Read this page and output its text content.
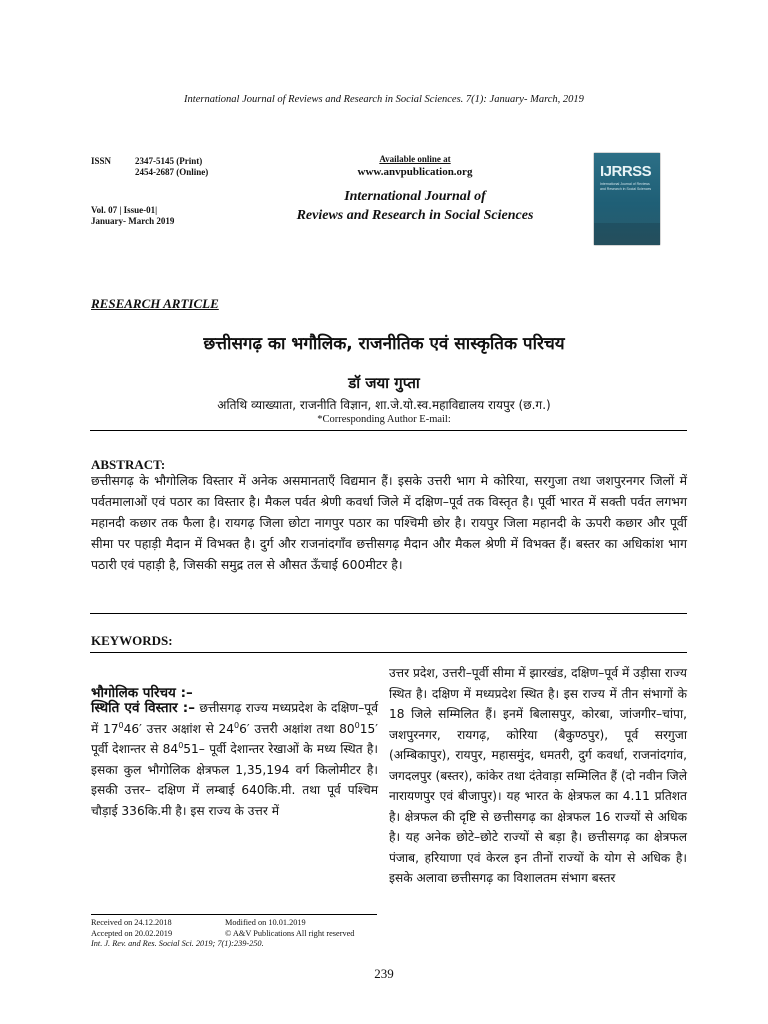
International Journal of Reviews and Research in Social Sciences. 7(1): January- March, 2019
ISSN	2347-5145 (Print)
2454-2687 (Online)
Vol. 07 | Issue-01|
January- March 2019
Available online at
www.anvpublication.org
International Journal of
Reviews and Research in Social Sciences
IJRRSS
International Journal of Reviews and Research in Social Sciences
RESEARCH ARTICLE
छत्तीसगढ़ का भगौलिक, राजनीतिक एवं सास्कृतिक परिचय
डॉ जया गुप्ता
अतिथि व्याख्याता, राजनीति विज्ञान, शा.जे.यो.स्व.महाविद्यालय रायपुर (छ.ग.)
*Corresponding Author E-mail:
ABSTRACT:
छत्तीसगढ़ के भौगोलिक विस्तार में अनेक असमानताएँ विद्यमान हैं। इसके उत्तरी भाग मे कोरिया, सरगुजा तथा जशपुरनगर जिलों में पर्वतमालाओं एवं पठार का विस्तार है। मैकल पर्वत श्रेणी कवर्धा जिले में दक्षिण–पूर्व तक विस्तृत है। पूर्वी भारत में सक्ती पर्वत लगभग महानदी कछार तक फैला है। रायगढ़ जिला छोटा नागपुर पठार का पश्चिमी छोर है। रायपुर जिला महानदी के ऊपरी कछार और पूर्वी सीमा पर पहाड़ी मैदान में विभक्त है। दुर्ग और राजनांदगाँव छत्तीसगढ़ मैदान और मैकल श्रेणी में विभक्त हैं। बस्तर का अधिकांश भाग पठारी एवं पहाड़ी है, जिसकी समुद्र तल से औसत ऊँचाई 600मीटर है।
KEYWORDS:
भौगोलिक परिचय :–
स्थिति एवं विस्तार :– छत्तीसगढ़ राज्य मध्यप्रदेश के दक्षिण–पूर्व में $17^046'$ उत्तर अक्षांश से $24^06'$ उत्तरी अक्षांश तथा $80^015'$ पूर्वी देशान्तर से $84^051-$ पूर्वी देशान्तर रेखाओं के मध्य स्थित है। इसका कुल भौगोलिक क्षेत्रफल 1,35,194 वर्ग किलोमीटर है। इसकी उत्तर– दक्षिण में लम्बाई 640कि.मी. तथा पूर्व पश्चिम चौड़ाई 336कि.मी है। इस राज्य के उत्तर में
उत्तर प्रदेश, उत्तरी–पूर्वी सीमा में झारखंड, दक्षिण–पूर्व में उड़ीसा राज्य स्थित है। दक्षिण में मध्यप्रदेश स्थित है। इस राज्य में तीन संभागों के 18 जिले सम्मिलित हैं। इनमें बिलासपुर, कोरबा, जांजगीर–चांपा, जशपुरनगर, रायगढ़, कोरिया (बैकुण्ठपुर), पूर्व सरगुजा (अम्बिकापुर), रायपुर, महासमुंद, धमतरी, दुर्ग कवर्धा, राजनांदगांव, जगदलपुर (बस्तर), कांकेर तथा दंतेवाड़ा सम्मिलित हैं (दो नवीन जिले नारायणपुर एवं बीजापुर)। यह भारत के क्षेत्रफल का 4.11 प्रतिशत है। क्षेत्रफल की दृष्टि से छत्तीसगढ़ का क्षेत्रफल 16 राज्यों से अधिक है। यह अनेक छोटे–छोटे राज्यों से बड़ा है। छत्तीसगढ़ का क्षेत्रफल पंजाब, हरियाणा एवं केरल इन तीनों राज्यों के योग से अधिक है। इसके अलावा छत्तीसगढ़ का विशालतम संभाग बस्तर
Received on 24.12.2018	Modified on 10.01.2019
Accepted on 20.02.2019	© A&V Publications All right reserved
Int. J. Rev. and Res. Social Sci. 2019; 7(1):239-250.
239
